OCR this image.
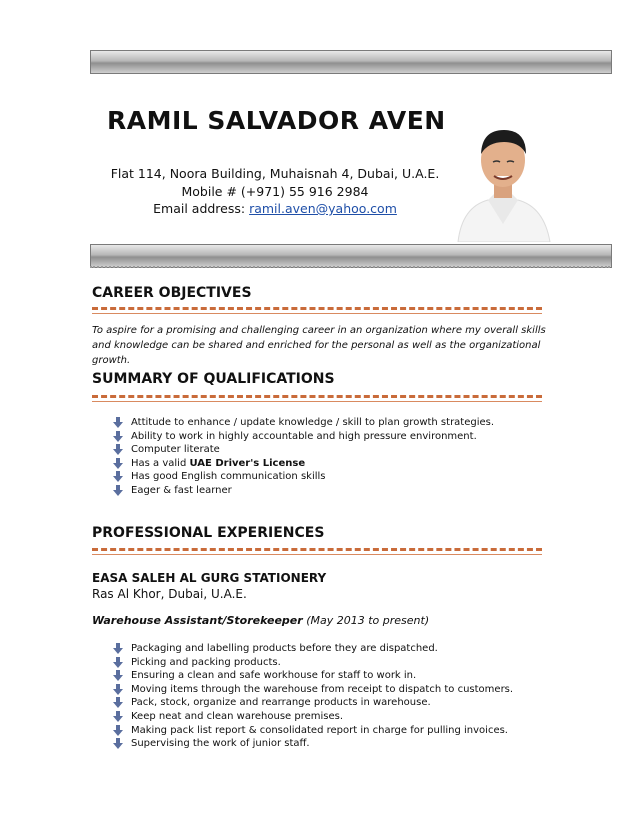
RAMIL SALVADOR AVEN
Flat 114, Noora Building, Muhaisnah 4, Dubai, U.A.E.
Mobile # (+971) 55 916 2984
Email address: ramil.aven@yahoo.com
CAREER OBJECTIVES
To aspire for a promising and challenging career in an organization where my overall skills and knowledge can be shared and enriched for the personal as well as the organizational growth.
SUMMARY OF QUALIFICATIONS
Attitude to enhance / update knowledge / skill to plan growth strategies.
Ability to work in highly accountable and high pressure environment.
Computer literate
Has a valid UAE Driver's License
Has good English communication skills
Eager & fast learner
PROFESSIONAL EXPERIENCES
EASA SALEH AL GURG STATIONERY
Ras Al Khor, Dubai, U.A.E.
Warehouse Assistant/Storekeeper (May 2013 to present)
Packaging and labelling products before they are dispatched.
Picking and packing products.
Ensuring a clean and safe workhouse for staff to work in.
Moving items through the warehouse from receipt to dispatch to customers.
Pack, stock, organize and rearrange products in warehouse.
Keep neat and clean warehouse premises.
Making pack list report & consolidated report in charge for pulling invoices.
Supervising the work of junior staff.
